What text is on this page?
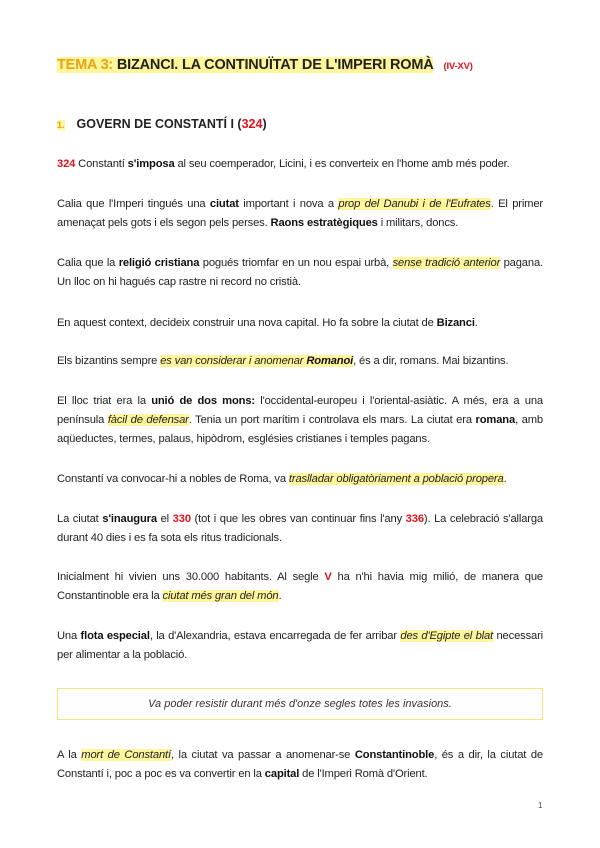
TEMA 3: BIZANCI. LA CONTINUÏTAT DE L'IMPERI ROMÀ (IV-XV)
1. GOVERN DE CONSTANTÍ I (324)
324 Constantí s'imposa al seu coemperador, Licini, i es converteix en l'home amb més poder.
Calia que l'Imperi tingués una ciutat important i nova a prop del Danubi i de l'Eufrates. El primer amenaçat pels gots i els segon pels perses. Raons estratègiques i militars, doncs.
Calia que la religió cristiana pogués triomfar en un nou espai urbà, sense tradició anterior pagana. Un lloc on hi hagués cap rastre ni record no cristià.
En aquest context, decideix construir una nova capital. Ho fa sobre la ciutat de Bizanci.
Els bizantins sempre es van considerar i anomenar Romanoi, és a dir, romans. Mai bizantins.
El lloc triat era la unió de dos mons: l'occidental-europeu i l'oriental-asiàtic. A més, era a una península fàcil de defensar. Tenia un port marítim i controlava els mars. La ciutat era romana, amb aqüeductes, termes, palaus, hipòdrom, esglésies cristianes i temples pagans.
Constantí va convocar-hi a nobles de Roma, va traslladar obligatòriament a població propera.
La ciutat s'inaugura el 330 (tot i que les obres van continuar fins l'any 336). La celebració s'allarga durant 40 dies i es fa sota els ritus tradicionals.
Inicialment hi vivien uns 30.000 habitants. Al segle V ha n'hi havia mig milió, de manera que Constantinoble era la ciutat més gran del món.
Una flota especial, la d'Alexandria, estava encarregada de fer arribar des d'Egipte el blat necessari per alimentar a la població.
Va poder resistir durant més d'onze segles totes les invasions.
A la mort de Constantí, la ciutat va passar a anomenar-se Constantinoble, és a dir, la ciutat de Constantí i, poc a poc es va convertir en la capital de l'Imperi Romà d'Orient.
1
